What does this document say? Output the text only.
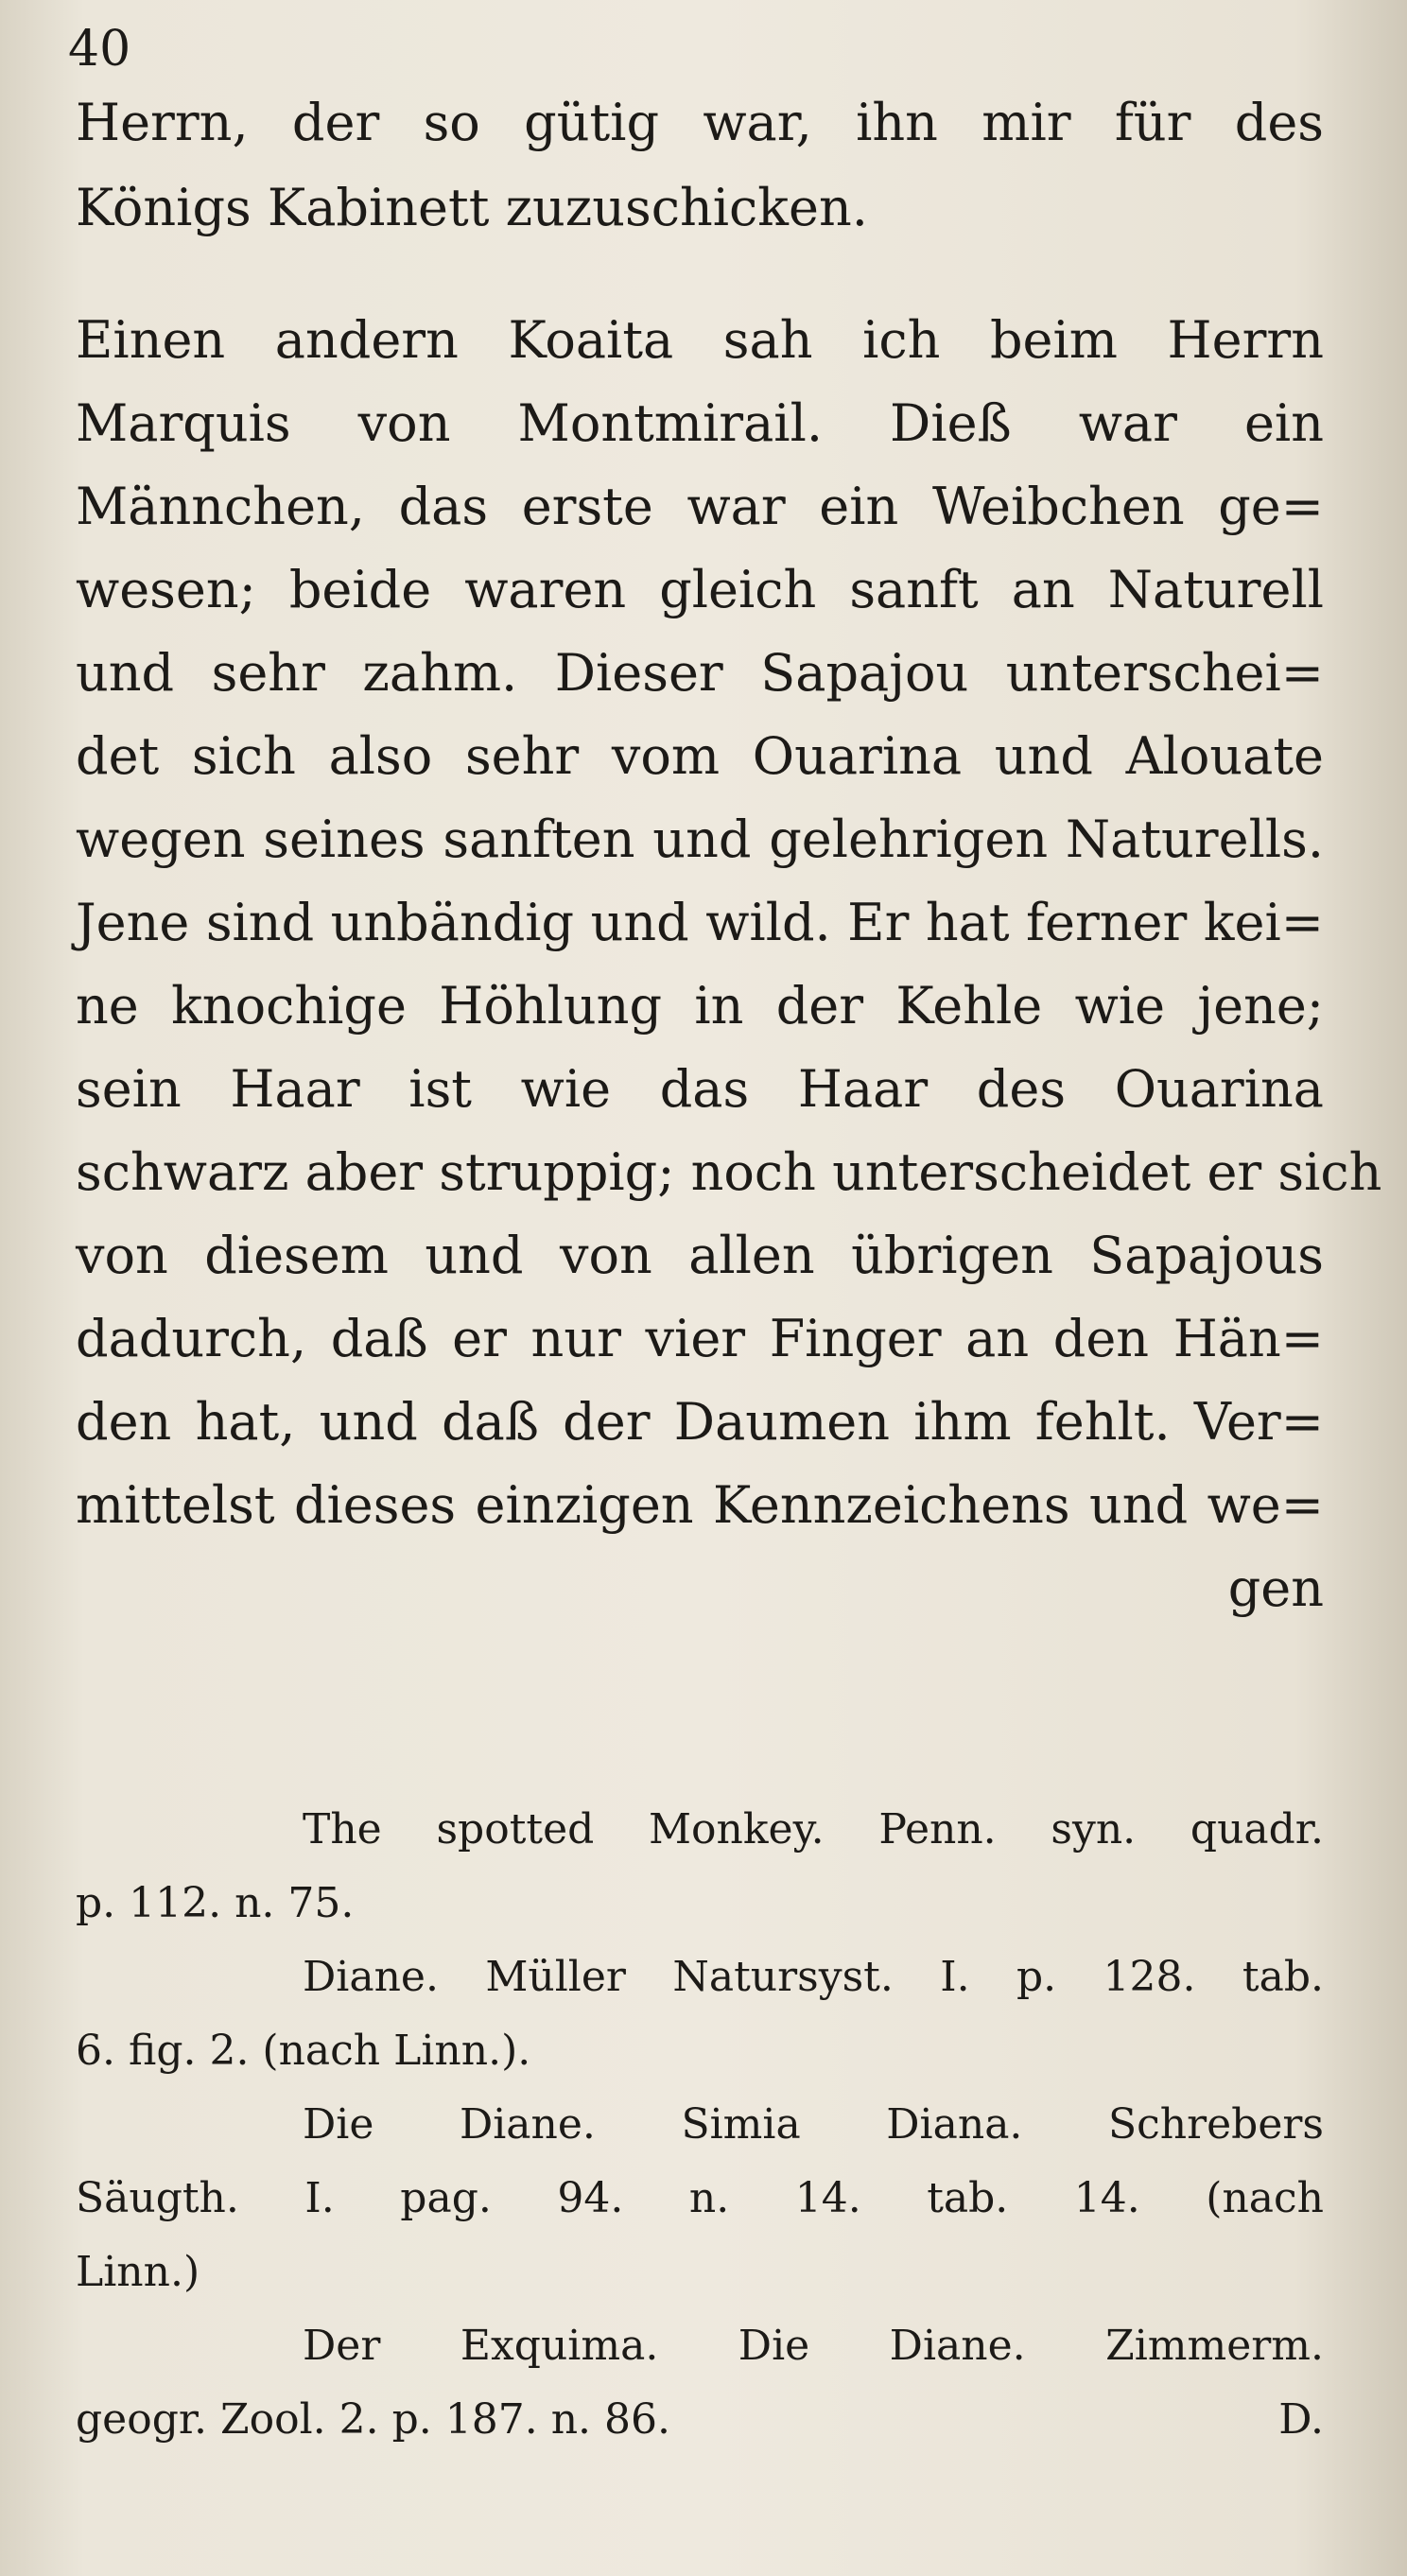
40
Herrn, der so gütig war, ihn mir für des
Königs Kabinett zuzuschicken.
Einen andern Koaita sah ich beim Herrn
Marquis von Montmirail. Dieß war ein
Männchen, das erste war ein Weibchen ge=
wesen; beide waren gleich sanft an Naturell
und sehr zahm. Dieser Sapajou unterschei=
det sich also sehr vom Ouarina und Alouate
wegen seines sanften und gelehrigen Naturells.
Jene sind unbändig und wild. Er hat ferner kei=
ne knochige Höhlung in der Kehle wie jene;
sein Haar ist wie das Haar des Ouarina
schwarz aber struppig; noch unterscheidet er sich
von diesem und von allen übrigen Sapajous
dadurch, daß er nur vier Finger an den Hän=
den hat, und daß der Daumen ihm fehlt. Ver=
mittelst dieses einzigen Kennzeichens und we=
gen
The spotted Monkey. Penn. syn. quadr.
p. 112. n. 75.
Diane. Müller Natursyst. I. p. 128. tab.
6. fig. 2. (nach Linn.).
Die Diane. Simia Diana. Schrebers
Säugth. I. pag. 94. n. 14. tab. 14. (nach
Linn.)
Der Exquima. Die Diane. Zimmerm.
geogr. Zool. 2. p. 187. n. 86.	D.
